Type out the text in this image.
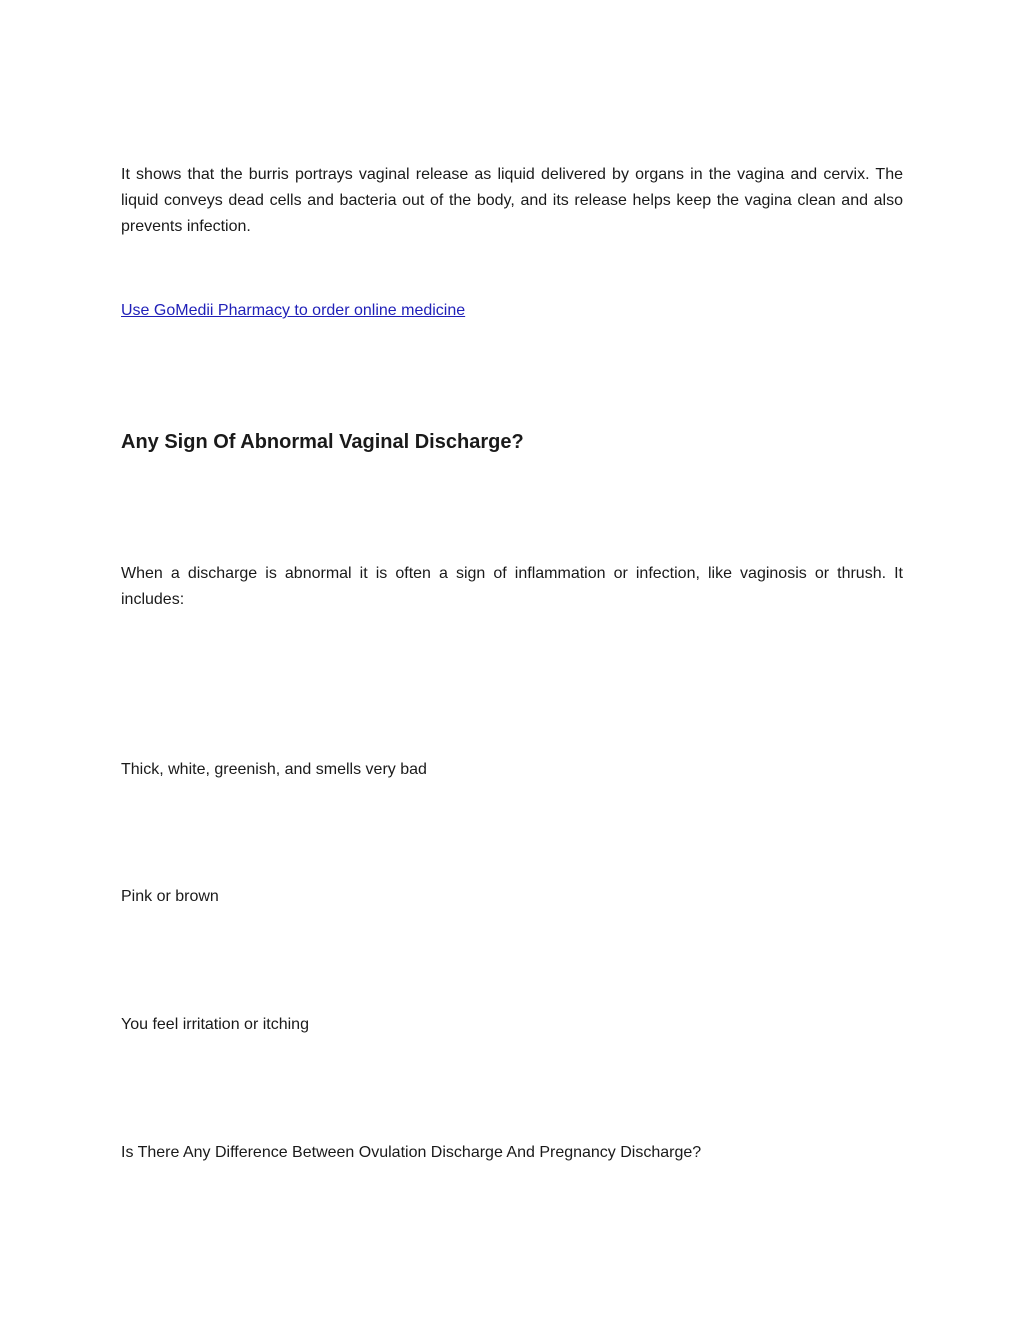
It shows that the burris portrays vaginal release as liquid delivered by organs in the vagina and cervix. The liquid conveys dead cells and bacteria out of the body, and its release helps keep the vagina clean and also prevents infection.

Use GoMedii Pharmacy to order online medicine

Any Sign Of Abnormal Vaginal Discharge?

When a discharge is abnormal it is often a sign of inflammation or infection, like vaginosis or thrush. It includes:

Thick, white, greenish, and smells very bad

Pink or brown

You feel irritation or itching

Is There Any Difference Between Ovulation Discharge And Pregnancy Discharge?
